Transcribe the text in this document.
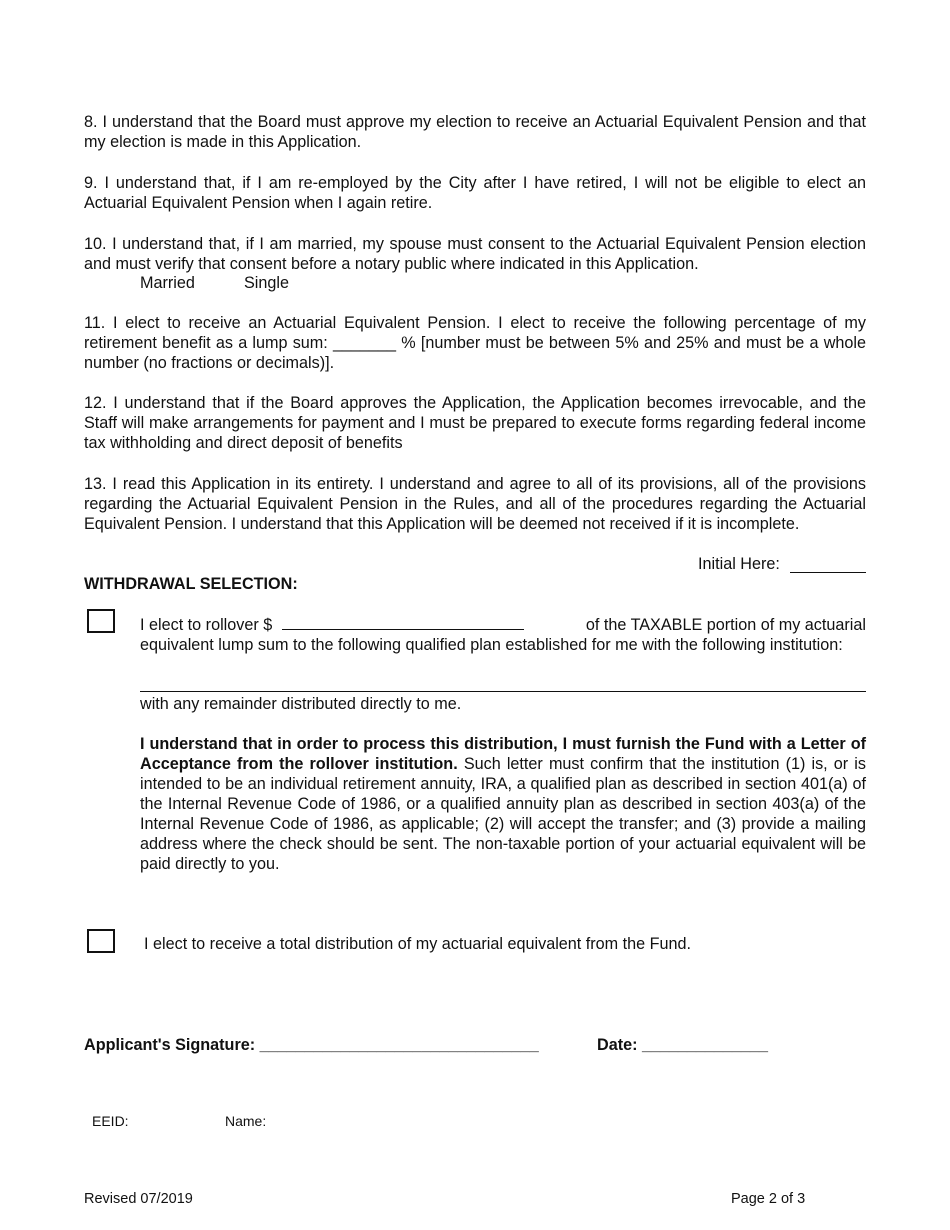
8. I understand that the Board must approve my election to receive an Actuarial Equivalent Pension and that my election is made in this Application.

9. I understand that, if I am re-employed by the City after I have retired, I will not be eligible to elect an Actuarial Equivalent Pension when I again retire.

10. I understand that, if I am married, my spouse must consent to the Actuarial Equivalent Pension election and must verify that consent before a notary public where indicated in this Application.

Married	Single

11. I elect to receive an Actuarial Equivalent Pension. I elect to receive the following percentage of my retirement benefit as a lump sum: _______ % [number must be between 5% and 25% and must be a whole number (no fractions or decimals)].

12. I understand that if the Board approves the Application, the Application becomes irrevocable, and the Staff will make arrangements for payment and I must be prepared to execute forms regarding federal income tax withholding and direct deposit of benefits

13. I read this Application in its entirety. I understand and agree to all of its provisions, all of the provisions regarding the Actuarial Equivalent Pension in the Rules, and all of the procedures regarding the Actuarial Equivalent Pension. I understand that this Application will be deemed not received if it is incomplete.

Initial Here:
WITHDRAWAL SELECTION:
I elect to rollover $	of the TAXABLE portion of my actuarial
equivalent lump sum to the following qualified plan established for me with the following institution:
with any remainder distributed directly to me.

I understand that in order to process this distribution, I must furnish the Fund with a Letter of Acceptance from the rollover institution. Such letter must confirm that the institution (1) is, or is intended to be an individual retirement annuity, IRA, a qualified plan as described in section 401(a) of the Internal Revenue Code of 1986, or a qualified annuity plan as described in section 403(a) of the Internal Revenue Code of 1986, as applicable; (2) will accept the transfer; and (3) provide a mailing address where the check should be sent. The non-taxable portion of your actuarial equivalent will be paid directly to you.

I elect to receive a total distribution of my actuarial equivalent from the Fund.
Applicant's Signature: _______________________________	Date: ______________
EEID:	Name:
Revised 07/2019	Page 2 of 3
